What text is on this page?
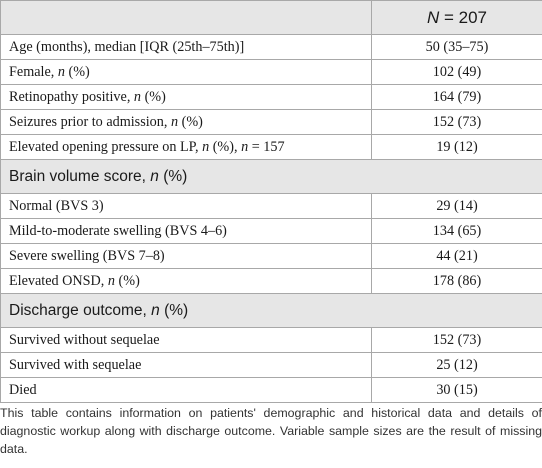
	N = 207
Age (months), median [IQR (25th–75th)]	50 (35–75)
Female, n (%)	102 (49)
Retinopathy positive, n (%)	164 (79)
Seizures prior to admission, n (%)	152 (73)
Elevated opening pressure on LP, n (%), n = 157	19 (12)
Brain volume score, n (%)	
Normal (BVS 3)	29 (14)
Mild-to-moderate swelling (BVS 4–6)	134 (65)
Severe swelling (BVS 7–8)	44 (21)
Elevated ONSD, n (%)	178 (86)
Discharge outcome, n (%)	
Survived without sequelae	152 (73)
Survived with sequelae	25 (12)
Died	30 (15)
This table contains information on patients' demographic and historical data and details of diagnostic workup along with discharge outcome. Variable sample sizes are the result of missing data.
